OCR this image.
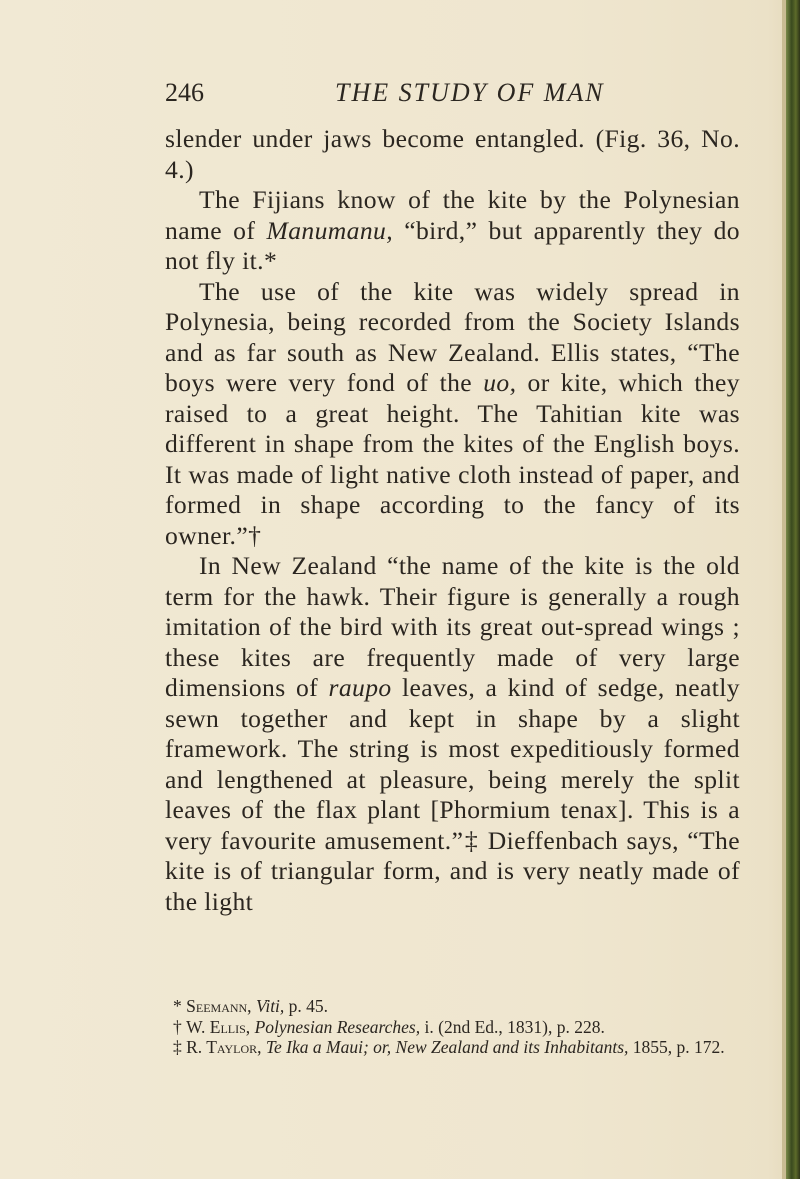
246	THE STUDY OF MAN

slender under jaws become entangled. (Fig. 36, No. 4.)

The Fijians know of the kite by the Polynesian name of Manumanu, “bird,” but apparently they do not fly it.*

The use of the kite was widely spread in Polynesia, being recorded from the Society Islands and as far south as New Zealand. Ellis states, “The boys were very fond of the uo, or kite, which they raised to a great height. The Tahitian kite was different in shape from the kites of the English boys. It was made of light native cloth instead of paper, and formed in shape according to the fancy of its owner.”†

In New Zealand “the name of the kite is the old term for the hawk. Their figure is generally a rough imitation of the bird with its great out-spread wings ; these kites are frequently made of very large dimensions of raupo leaves, a kind of sedge, neatly sewn together and kept in shape by a slight framework. The string is most expeditiously formed and lengthened at pleasure, being merely the split leaves of the flax plant [Phormium tenax]. This is a very favourite amusement.”‡ Dieffenbach says, “The kite is of triangular form, and is very neatly made of the light

* Seemann, Viti, p. 45.

† W. Ellis, Polynesian Researches, i. (2nd Ed., 1831), p. 228.

‡ R. Taylor, Te Ika a Maui; or, New Zealand and its Inhabitants, 1855, p. 172.
